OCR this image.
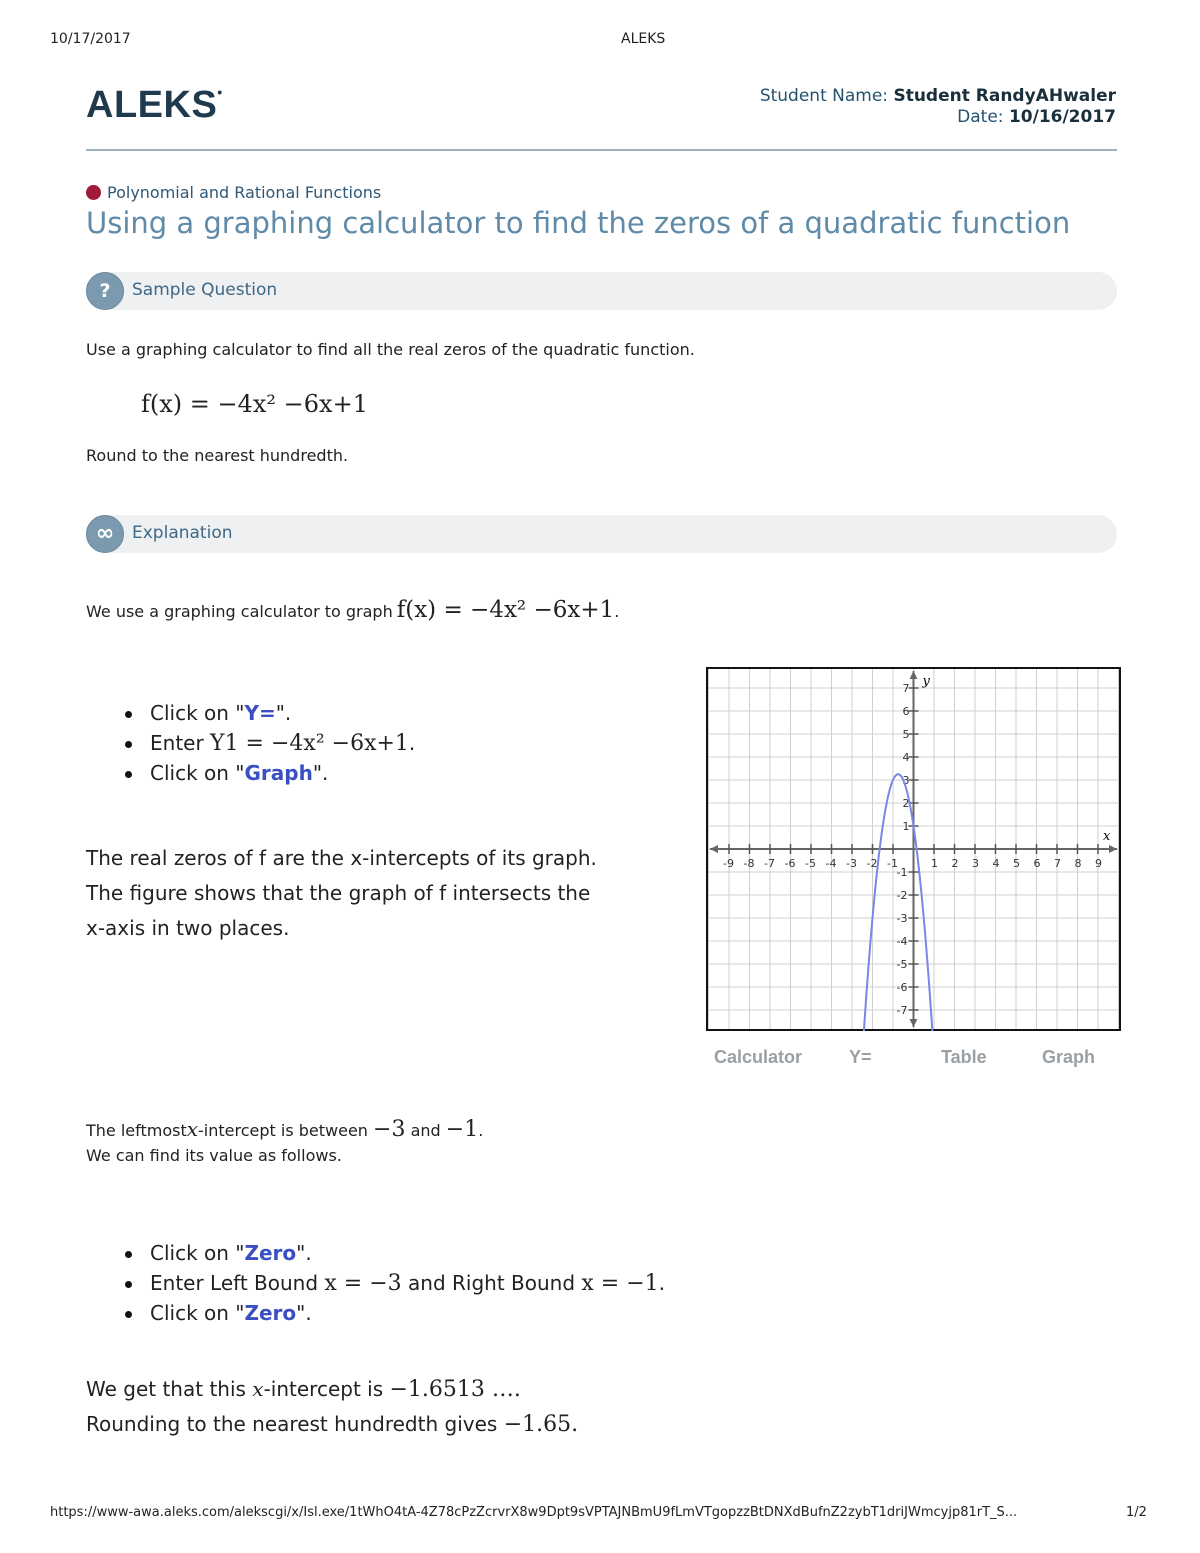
10/17/2017	ALEKS
ALEKS•	Student Name: Student RandyAHwaler
Date: 10/16/2017
Polynomial and Rational Functions
Using a graphing calculator to find the zeros of a quadratic function
?	Sample Question
Use a graphing calculator to find all the real zeros of the quadratic function.
f(x) = −4x² −6x+1
Round to the nearest hundredth.
∞	Explanation
We use a graphing calculator to graph f(x) = −4x² −6x+1.
Click on "Y=".
Enter Y1 = −4x² −6x+1.
Click on "Graph".
The real zeros of f are the x-intercepts of its graph.
The figure shows that the graph of f intersects the
x-axis in two places.
-9 -8 -7 -6 -5 -4 -3 -2 -1	1 2 3 4 5 6 7 8 9
-7
-6
-5
-4
-3
-2
-1
1
2
3
4
5
6
7
x
y
Calculator	Y=	Table	Graph
The leftmostx-intercept is between −3 and −1.
We can find its value as follows.
Click on "Zero".
Enter Left Bound x = −3 and Right Bound x = −1.
Click on "Zero".
We get that this x-intercept is −1.6513 ….
Rounding to the nearest hundredth gives −1.65.
https://www-awa.aleks.com/alekscgi/x/Isl.exe/1tWhO4tA-4Z78cPzZcrvrX8w9Dpt9sVPTAJNBmU9fLmVTgopzzBtDNXdBufnZ2zybT1driJWmcyjp81rT_S...	1/2
